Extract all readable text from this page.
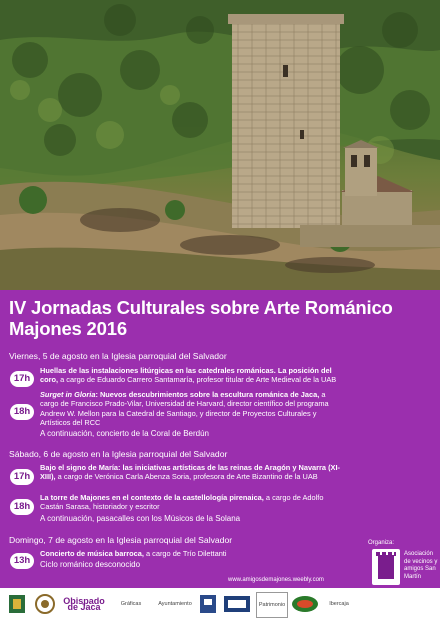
IV Jornadas Culturales sobre Arte Románico
Majones 2016
Viernes, 5 de agosto en la Iglesia parroquial del Salvador
17h
Huellas de las instalaciones litúrgicas en las catedrales románicas. La posición del coro, a cargo de Eduardo Carrero Santamaría, profesor titular de Arte Medieval de la UAB
18h
Surget in Gloria: Nuevos descubrimientos sobre la escultura románica de Jaca, a cargo de Francisco Prado-Vilar, Universidad de Harvard, director científico del programa Andrew W. Mellon para la Catedral de Santiago, y director de Proyectos Culturales y Artísticos del RCC
A continuación, concierto de la Coral de Berdún
Sábado, 6 de agosto en la Iglesia parroquial del Salvador
17h
Bajo el signo de María: las iniciativas artísticas de las reinas de Aragón y Navarra (XI-XIII), a cargo de Verónica Carla Abenza Soria, profesora de Arte Bizantino de la UAB
18h
La torre de Majones en el contexto de la castellología pirenaica, a cargo de Adolfo Castán Sarasa, historiador y escritor
A continuación, pasacalles con los Músicos de la Solana
Domingo, 7 de agosto en la Iglesia parroquial del Salvador
13h
Concierto de música barroca, a cargo de Trío Dilettanti
Ciclo románico desconocido
www.amigosdemajones.weebly.com
Organiza:
Asociación de vecinos y amigos San Martín
Obispado de Jaca	Gráficas	Ayuntamiento	Patrimonio	Ibercaja
